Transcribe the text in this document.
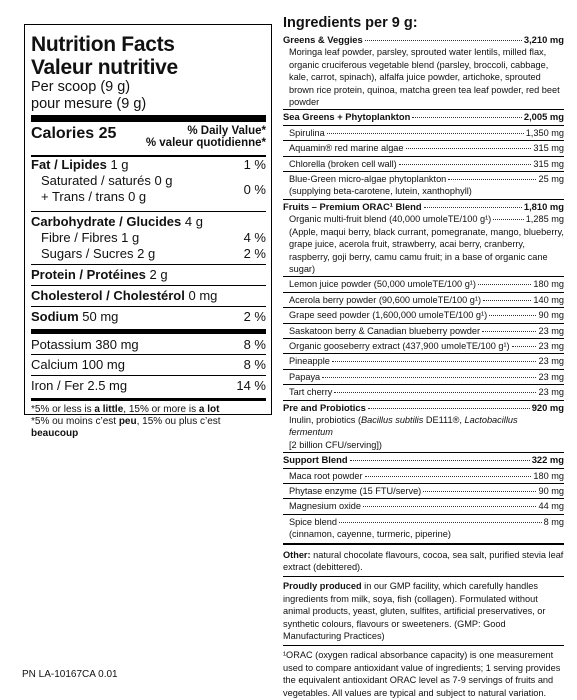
Nutrition Facts
Valeur nutritive
Per scoop (9 g)
pour mesure (9 g)
Calories 25	% Daily Value*
% valeur quotidienne*
Fat / Lipides 1 g	1 %
Saturated / saturés 0 g
+ Trans / trans 0 g	0 %
Carbohydrate / Glucides 4 g
Fibre / Fibres 1 g	4 %
Sugars / Sucres 2 g	2 %
Protein / Protéines 2 g
Cholesterol / Cholestérol 0 mg
Sodium 50 mg	2 %
Potassium 380 mg	8 %
Calcium 100 mg	8 %
Iron / Fer 2.5 mg	14 %
*5% or less is a little, 15% or more is a lot
*5% ou moins c’est peu, 15% ou plus c’est beaucoup
Ingredients per 9 g:
Greens & Veggies	3,210 mg
Moringa leaf powder, parsley, sprouted water lentils, milled flax, organic cruciferous vegetable blend (parsley, broccoli, cabbage, kale, carrot, spinach), alfalfa juice powder, artichoke, sprouted brown rice protein, quinoa, matcha green tea leaf powder, red beet powder
Sea Greens + Phytoplankton	2,005 mg
Spirulina	1,350 mg
Aquamin® red marine algae	315 mg
Chlorella (broken cell wall)	315 mg
Blue-Green micro-algae phytoplankton	25 mg
(supplying beta-carotene, lutein, xanthophyll)
Fruits – Premium ORAC¹ Blend	1,810 mg
Organic multi-fruit blend (40,000 umoleTE/100 g¹)	1,285 mg
(Apple, maqui berry, black currant, pomegranate, mango, blueberry, grape juice, acerola fruit, strawberry, acai berry, cranberry, raspberry, goji berry, camu camu fruit; in a base of organic cane sugar)
Lemon juice powder (50,000 umoleTE/100 g¹)	180 mg
Acerola berry powder (90,600 umoleTE/100 g¹)	140 mg
Grape seed powder (1,600,000 umoleTE/100 g¹)	90 mg
Saskatoon berry & Canadian blueberry powder	23 mg
Organic gooseberry extract (437,900 umoleTE/100 g¹)	23 mg
Pineapple	23 mg
Papaya	23 mg
Tart cherry	23 mg
Pre and Probiotics	920 mg
Inulin, probiotics (Bacillus subtilis DE111®, Lactobacillus fermentum
[2 billion CFU/serving])
Support Blend	322 mg
Maca root powder	180 mg
Phytase enzyme (15 FTU/serve)	90 mg
Magnesium oxide	44 mg
Spice blend	8 mg
(cinnamon, cayenne, turmeric, piperine)
Other: natural chocolate flavours, cocoa, sea salt, purified stevia leaf extract (debittered).
Proudly produced in our GMP facility, which carefully handles ingredients from milk, soya, fish (collagen). Formulated without animal products, yeast, gluten, sulfites, artificial preservatives, or synthetic colours, flavours or sweeteners. (GMP: Good Manufacturing Practices)
¹ORAC (oxygen radical absorbance capacity) is one measurement used to compare antioxidant value of ingredients; 1 serving provides the equivalent antioxidant ORAC level as 7-9 servings of fruits and vegetables. All values are typical and subject to natural variation.
PN LA-10167CA 0.01
